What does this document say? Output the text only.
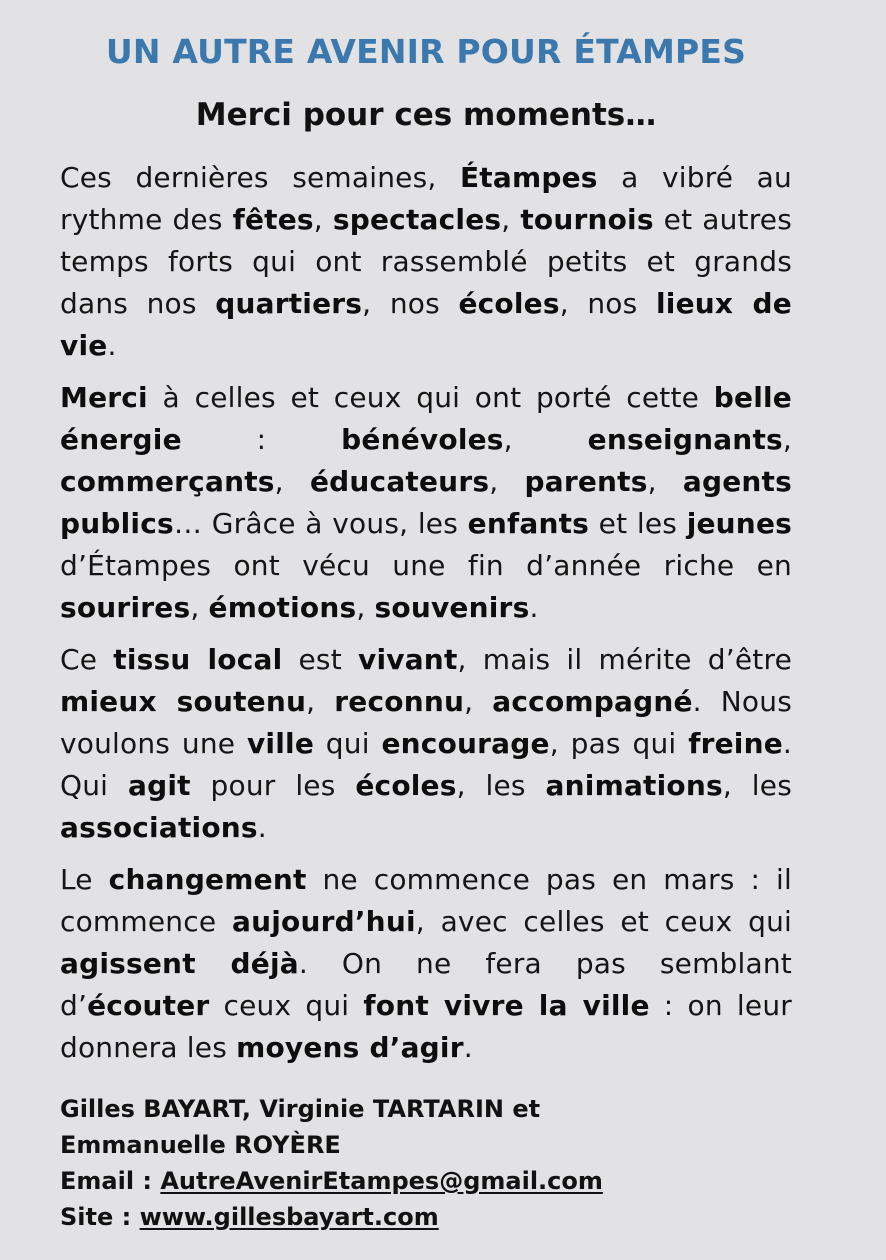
UN AUTRE AVENIR POUR ÉTAMPES
Merci pour ces moments…

Ces dernières semaines, Étampes a vibré au rythme des fêtes, spectacles, tournois et autres temps forts qui ont rassemblé petits et grands dans nos quartiers, nos écoles, nos lieux de vie.

Merci à celles et ceux qui ont porté cette belle énergie : bénévoles, enseignants, commerçants, éducateurs, parents, agents publics… Grâce à vous, les enfants et les jeunes d’Étampes ont vécu une fin d’année riche en sourires, émotions, souvenirs.

Ce tissu local est vivant, mais il mérite d’être mieux soutenu, reconnu, accompagné. Nous voulons une ville qui encourage, pas qui freine. Qui agit pour les écoles, les animations, les associations.

Le changement ne commence pas en mars : il commence aujourd’hui, avec celles et ceux qui agissent déjà. On ne fera pas semblant d’écouter ceux qui font vivre la ville : on leur donnera les moyens d’agir.

Gilles BAYART, Virginie TARTARIN et
Emmanuelle ROYÈRE
Email : AutreAvenirEtampes@gmail.com
Site : www.gillesbayart.com
